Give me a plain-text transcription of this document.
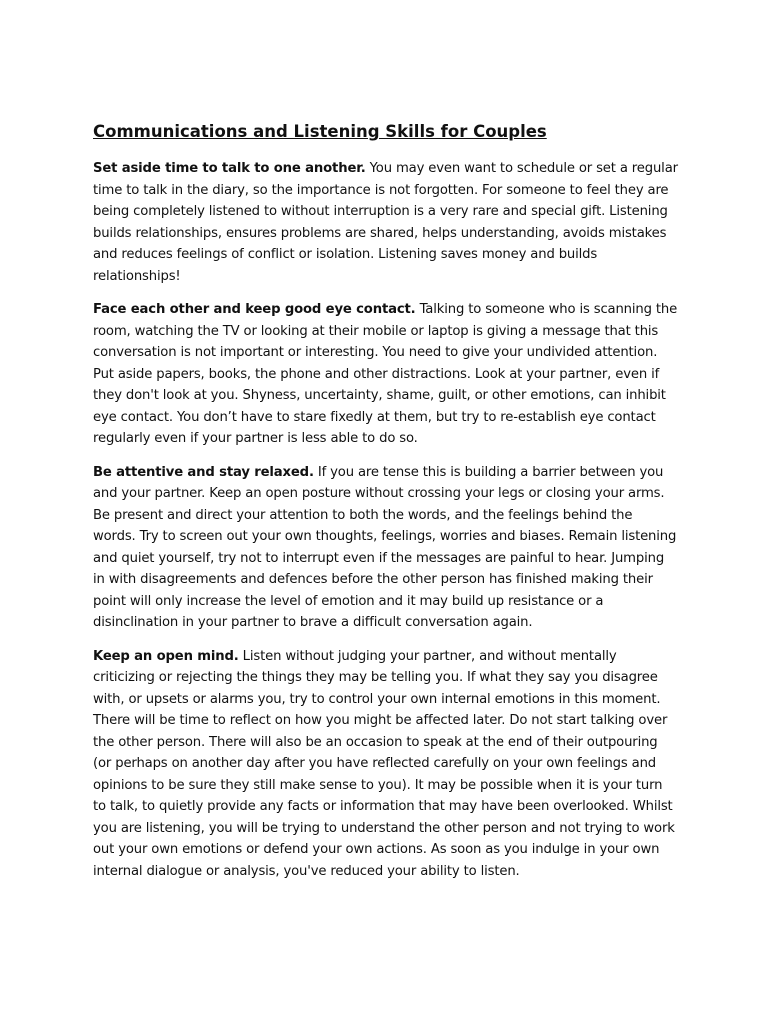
Communications and Listening Skills for Couples

Set aside time to talk to one another. You may even want to schedule or set a regular time to talk in the diary, so the importance is not forgotten. For someone to feel they are being completely listened to without interruption is a very rare and special gift. Listening builds relationships, ensures problems are shared, helps understanding, avoids mistakes and reduces feelings of conflict or isolation. Listening saves money and builds relationships!

Face each other and keep good eye contact. Talking to someone who is scanning the room, watching the TV or looking at their mobile or laptop is giving a message that this conversation is not important or interesting. You need to give your undivided attention. Put aside papers, books, the phone and other distractions. Look at your partner, even if they don't look at you. Shyness, uncertainty, shame, guilt, or other emotions, can inhibit eye contact. You don’t have to stare fixedly at them, but try to re-establish eye contact regularly even if your partner is less able to do so.

Be attentive and stay relaxed. If you are tense this is building a barrier between you and your partner. Keep an open posture without crossing your legs or closing your arms. Be present and direct your attention to both the words, and the feelings behind the words. Try to screen out your own thoughts, feelings, worries and biases. Remain listening and quiet yourself, try not to interrupt even if the messages are painful to hear. Jumping in with disagreements and defences before the other person has finished making their point will only increase the level of emotion and it may build up resistance or a disinclination in your partner to brave a difficult conversation again.

Keep an open mind. Listen without judging your partner, and without mentally criticizing or rejecting the things they may be telling you. If what they say you disagree with, or upsets or alarms you, try to control your own internal emotions in this moment. There will be time to reflect on how you might be affected later. Do not start talking over the other person. There will also be an occasion to speak at the end of their outpouring (or perhaps on another day after you have reflected carefully on your own feelings and opinions to be sure they still make sense to you). It may be possible when it is your turn to talk, to quietly provide any facts or information that may have been overlooked. Whilst you are listening, you will be trying to understand the other person and not trying to work out your own emotions or defend your own actions. As soon as you indulge in your own internal dialogue or analysis, you've reduced your ability to listen.
